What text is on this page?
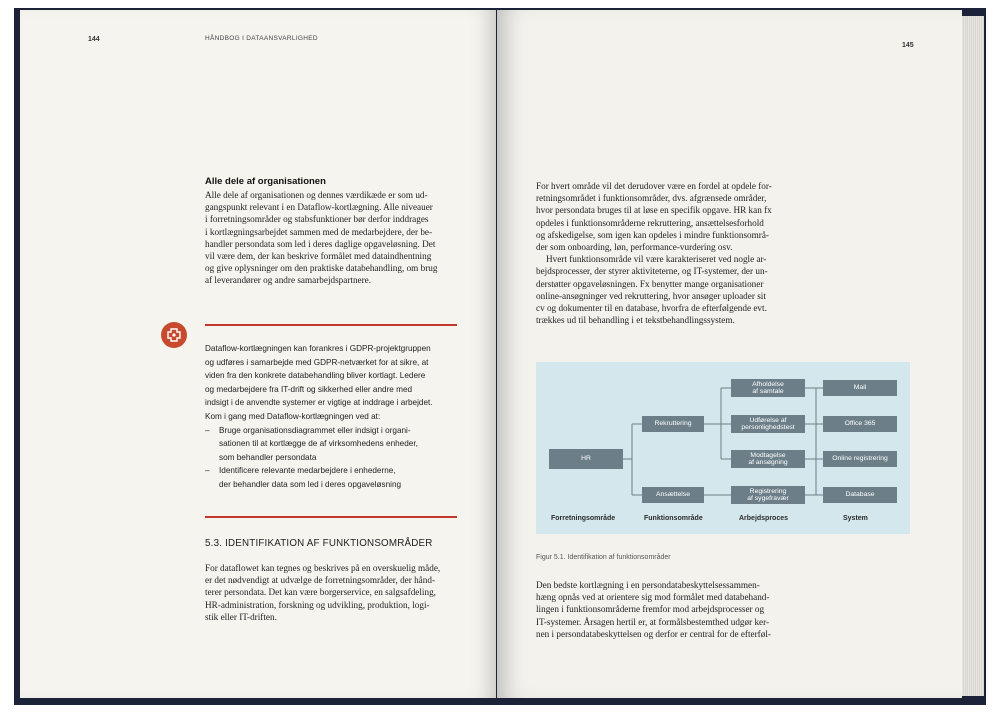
144	HÅNDBOG I DATAANSVARLIGHED
Alle dele af organisationen

Alle dele af organisationen og dennes værdikæde er som ud-

gangspunkt relevant i en Dataflow-kortlægning. Alle niveauer

i forretningsområder og stabsfunktioner bør derfor inddrages

i kortlægningsarbejdet sammen med de medarbejdere, der be-

handler persondata som led i deres daglige opgaveløsning. Det

vil være dem, der kan beskrive formålet med dataindhentning

og give oplysninger om den praktiske databehandling, om brug

af leverandører og andre samarbejdspartnere.

Dataflow-kortlægningen kan forankres i GDPR-projektgruppen

og udføres i samarbejde med GDPR-netværket for at sikre, at

viden fra den konkrete databehandling bliver kortlagt. Ledere

og medarbejdere fra IT-drift og sikkerhed eller andre med

indsigt i de anvendte systemer er vigtige at inddrage i arbejdet.

Kom i gang med Dataflow-kortlægningen ved at:

– Bruge organisationsdiagrammet eller indsigt i organi-
sationen til at kortlægge de af virksomhedens enheder,
som behandler persondata
– Identificere relevante medarbejdere i enhederne,
der behandler data som led i deres opgaveløsning
5.3. IDENTIFIKATION AF FUNKTIONSOMRÅDER

For dataflowet kan tegnes og beskrives på en overskuelig måde,

er det nødvendigt at udvælge de forretningsområder, der hånd-

terer persondata. Det kan være borgerservice, en salgsafdeling,

HR-administration, forskning og udvikling, produktion, logi-

stik eller IT-driften.

145

For hvert område vil det derudover være en fordel at opdele for-

retningsområdet i funktionsområder, dvs. afgrænsede områder,

hvor persondata bruges til at løse en specifik opgave. HR kan fx

opdeles i funktionsområderne rekruttering, ansættelsesforhold

og afskedigelse, som igen kan opdeles i mindre funktionsområ-

der som onboarding, løn, performance-vurdering osv.

Hvert funktionsområde vil være karakteriseret ved nogle ar-

bejdsprocesser, der styrer aktiviteterne, og IT-systemer, der un-

derstøtter opgaveløsningen. Fx benytter mange organisationer

online-ansøgninger ved rekruttering, hvor ansøger uploader sit

cv og dokumenter til en database, hvorfra de efterfølgende evt.

trækkes ud til behandling i et tekstbehandlingssystem.

HR
Rekruttering
Ansættelse
Afholdelse
af samtale
Udførelse af
personlighedstest
Modtagelse
af ansøgning
Registrering
af sygefravær
Mail
Office 365
Online registrering
Database
Forretningsområde	Funktionsområde	Arbejdsproces	System
Figur 5.1. Identifikation af funktionsområder

Den bedste kortlægning i en persondatabeskyttelsessammen-

hæng opnås ved at orientere sig mod formålet med databehand-

lingen i funktionsområderne fremfor mod arbejdsprocesser og

IT-systemer. Årsagen hertil er, at formålsbestemthed udgør ker-

nen i persondatabeskyttelsen og derfor er central for de efterføl-
